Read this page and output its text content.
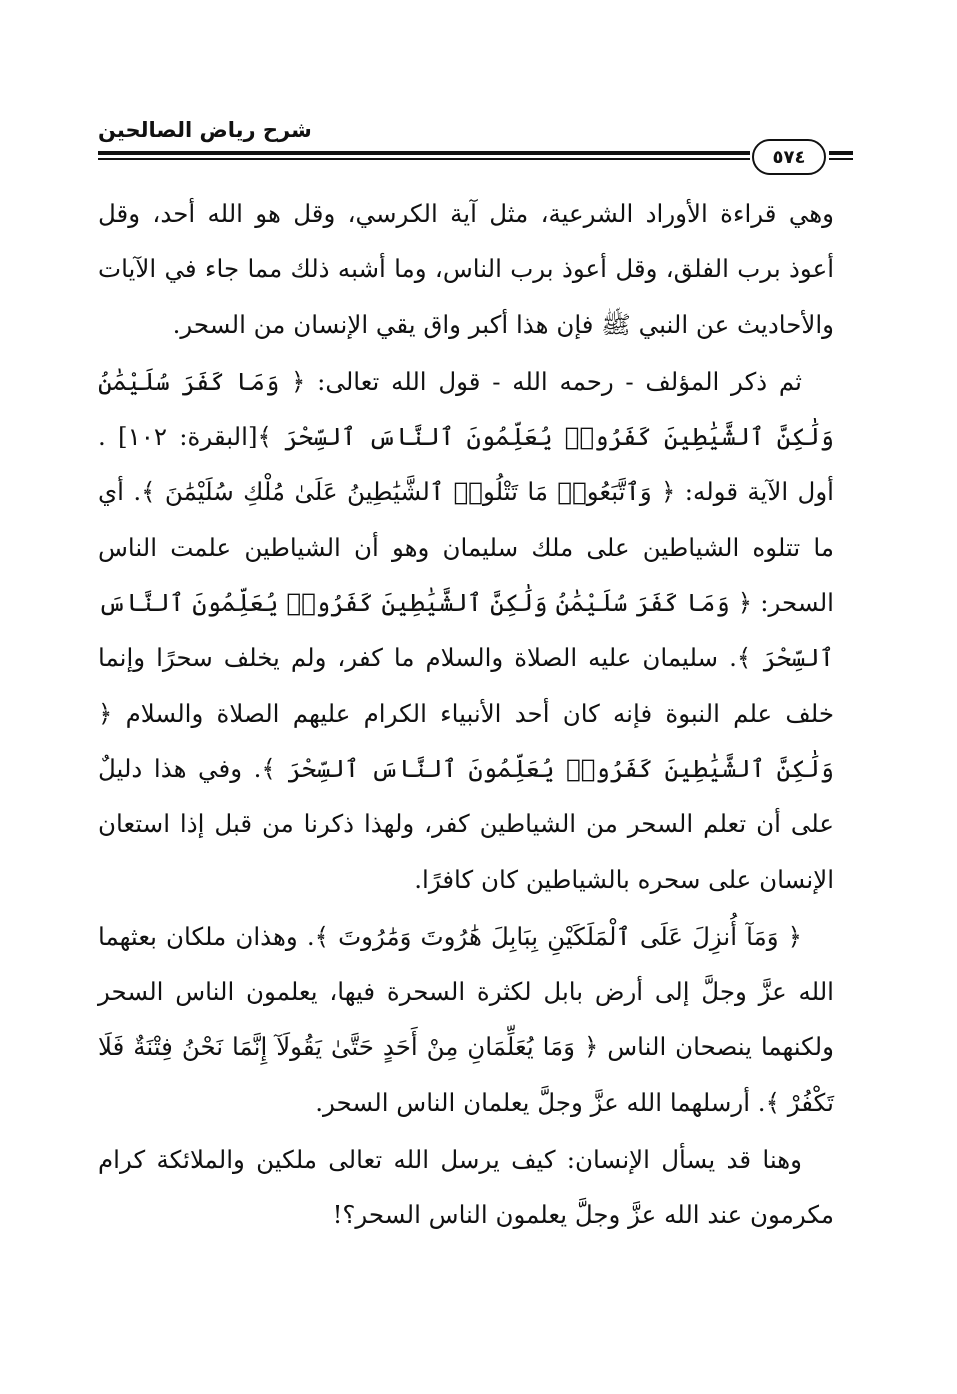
شرح رياض الصالحين
٥٧٤

وهي قراءة الأوراد الشرعية، مثل آية الكرسي، وقل هو الله أحد، وقل أعوذ برب الفلق، وقل أعوذ برب الناس، وما أشبه ذلك مما جاء في الآيات والأحاديث عن النبي ﷺ فإن هذا أكبر واق يقي الإنسان من السحر.

ثم ذكر المؤلف - رحمه الله - قول الله تعالى: ﴿ وَمَا كَفَرَ سُلَيْمَٰنُ وَلَٰكِنَّ ٱلشَّيَٰطِينَ كَفَرُوا۟ يُعَلِّمُونَ ٱلنَّاسَ ٱلسِّحْرَ ﴾[البقرة: ١٠٢] . أول الآية قوله: ﴿ وَٱتَّبَعُوا۟ مَا تَتْلُوا۟ ٱلشَّيَٰطِينُ عَلَىٰ مُلْكِ سُلَيْمَٰنَ ﴾. أي ما تتلوه الشياطين على ملك سليمان وهو أن الشياطين علمت الناس السحر: ﴿ وَمَا كَفَرَ سُلَيْمَٰنُ وَلَٰكِنَّ ٱلشَّيَٰطِينَ كَفَرُوا۟ يُعَلِّمُونَ ٱلنَّاسَ ٱلسِّحْرَ ﴾. سليمان عليه الصلاة والسلام ما كفر، ولم يخلف سحرًا وإنما خلف علم النبوة فإنه كان أحد الأنبياء الكرام عليهم الصلاة والسلام ﴿ وَلَٰكِنَّ ٱلشَّيَٰطِينَ كَفَرُوا۟ يُعَلِّمُونَ ٱلنَّاسَ ٱلسِّحْرَ ﴾. وفي هذا دليلٌ على أن تعلم السحر من الشياطين كفر، ولهذا ذكرنا من قبل إذا استعان الإنسان على سحره بالشياطين كان كافرًا.

﴿ وَمَآ أُنزِلَ عَلَى ٱلْمَلَكَيْنِ بِبَابِلَ هَٰرُوتَ وَمَٰرُوتَ ﴾. وهذان ملكان بعثهما الله عزَّ وجلَّ إلى أرض بابل لكثرة السحرة فيها، يعلمون الناس السحر ولكنهما ينصحان الناس ﴿ وَمَا يُعَلِّمَانِ مِنْ أَحَدٍ حَتَّىٰ يَقُولَآ إِنَّمَا نَحْنُ فِتْنَةٌ فَلَا تَكْفُرْ ﴾. أرسلهما الله عزَّ وجلَّ يعلمان الناس السحر.

وهنا قد يسأل الإنسان: كيف يرسل الله تعالى ملكين والملائكة كرام مكرمون عند الله عزَّ وجلَّ يعلمون الناس السحر؟!
